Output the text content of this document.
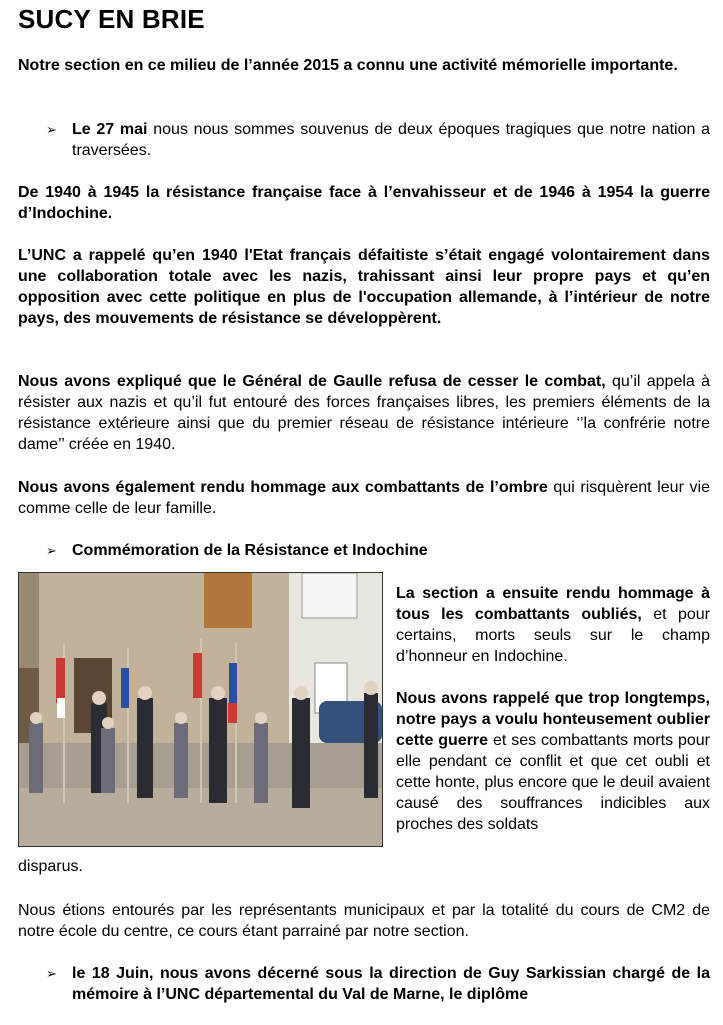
SUCY EN BRIE
Notre section en ce milieu de l’année 2015 a connu une activité mémorielle importante.
➢ Le 27 mai nous nous sommes souvenus de deux époques tragiques que notre nation a traversées.
De 1940 à 1945 la résistance française face à l’envahisseur et de 1946 à 1954 la guerre d’Indochine.
L’UNC a rappelé qu’en 1940 l'Etat français défaitiste s’était engagé volontairement dans une collaboration totale avec les nazis, trahissant ainsi leur propre pays et qu’en opposition avec cette politique en plus de l'occupation allemande, à l’intérieur de notre pays, des mouvements de résistance se développèrent.
Nous avons expliqué que le Général de Gaulle refusa de cesser le combat, qu’il appela à résister aux nazis et qu’il fut entouré des forces françaises libres, les premiers éléments de la résistance extérieure ainsi que du premier réseau de résistance intérieure ‘’la confrérie notre dame’’ créée en 1940.
Nous avons également rendu hommage aux combattants de l’ombre qui risquèrent leur vie comme celle de leur famille.
➢ Commémoration de la Résistance et Indochine
La section a ensuite rendu hommage à tous les combattants oubliés, et pour certains, morts seuls sur le champ d’honneur en Indochine.
Nous avons rappelé que trop longtemps, notre pays a voulu honteusement oublier cette guerre et ses combattants morts pour elle pendant ce conflit et que cet oubli et cette honte, plus encore que le deuil avaient causé des souffrances indicibles aux proches des soldats
disparus.
Nous étions entourés par les représentants municipaux et par la totalité du cours de CM2 de notre école du centre, ce cours étant parrainé par notre section.
➢ le 18 Juin, nous avons décerné sous la direction de Guy Sarkissian chargé de la mémoire à l’UNC départemental du Val de Marne, le diplôme
